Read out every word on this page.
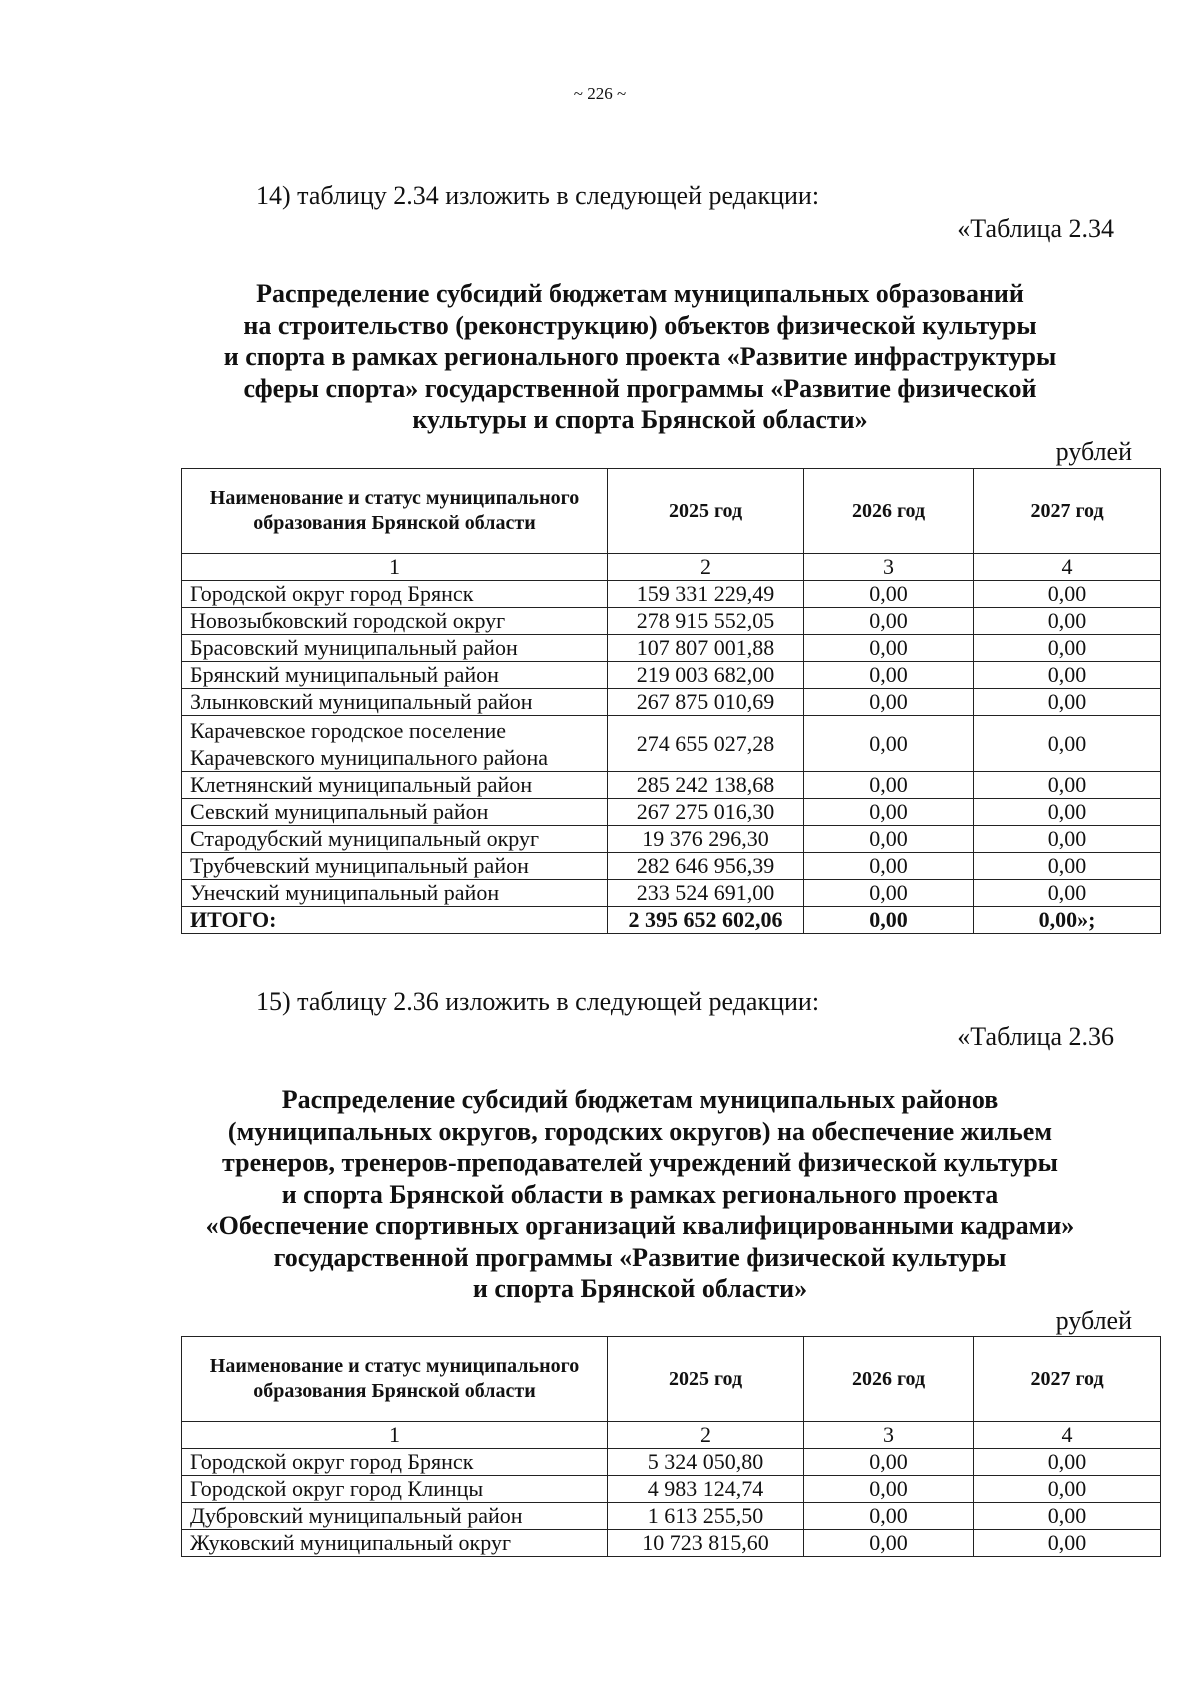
~ 226 ~
14) таблицу 2.34 изложить в следующей редакции:
«Таблица 2.34
Распределение субсидий бюджетам муниципальных образований
на строительство (реконструкцию) объектов физической культуры
и спорта в рамках регионального проекта «Развитие инфраструктуры
сферы спорта» государственной программы «Развитие физической
культуры и спорта Брянской области»
рублей
Наименование и статус муниципального образования Брянской области	2025 год	2026 год	2027 год
1	2	3	4
Городской округ город Брянск	159 331 229,49	0,00	0,00
Новозыбковский городской округ	278 915 552,05	0,00	0,00
Брасовский муниципальный район	107 807 001,88	0,00	0,00
Брянский муниципальный район	219 003 682,00	0,00	0,00
Злынковский муниципальный район	267 875 010,69	0,00	0,00
Карачевское городское поселение Карачевского муниципального района	274 655 027,28	0,00	0,00
Клетнянский муниципальный район	285 242 138,68	0,00	0,00
Севский муниципальный район	267 275 016,30	0,00	0,00
Стародубский муниципальный округ	19 376 296,30	0,00	0,00
Трубчевский муниципальный район	282 646 956,39	0,00	0,00
Унечский муниципальный район	233 524 691,00	0,00	0,00
ИТОГО:	2 395 652 602,06	0,00	0,00»;
15) таблицу 2.36 изложить в следующей редакции:
«Таблица 2.36
Распределение субсидий бюджетам муниципальных районов
(муниципальных округов, городских округов) на обеспечение жильем
тренеров, тренеров-преподавателей учреждений физической культуры
и спорта Брянской области в рамках регионального проекта
«Обеспечение спортивных организаций квалифицированными кадрами»
государственной программы «Развитие физической культуры
и спорта Брянской области»
рублей
Наименование и статус муниципального образования Брянской области	2025 год	2026 год	2027 год
1	2	3	4
Городской округ город Брянск	5 324 050,80	0,00	0,00
Городской округ город Клинцы	4 983 124,74	0,00	0,00
Дубровский муниципальный район	1 613 255,50	0,00	0,00
Жуковский муниципальный округ	10 723 815,60	0,00	0,00
